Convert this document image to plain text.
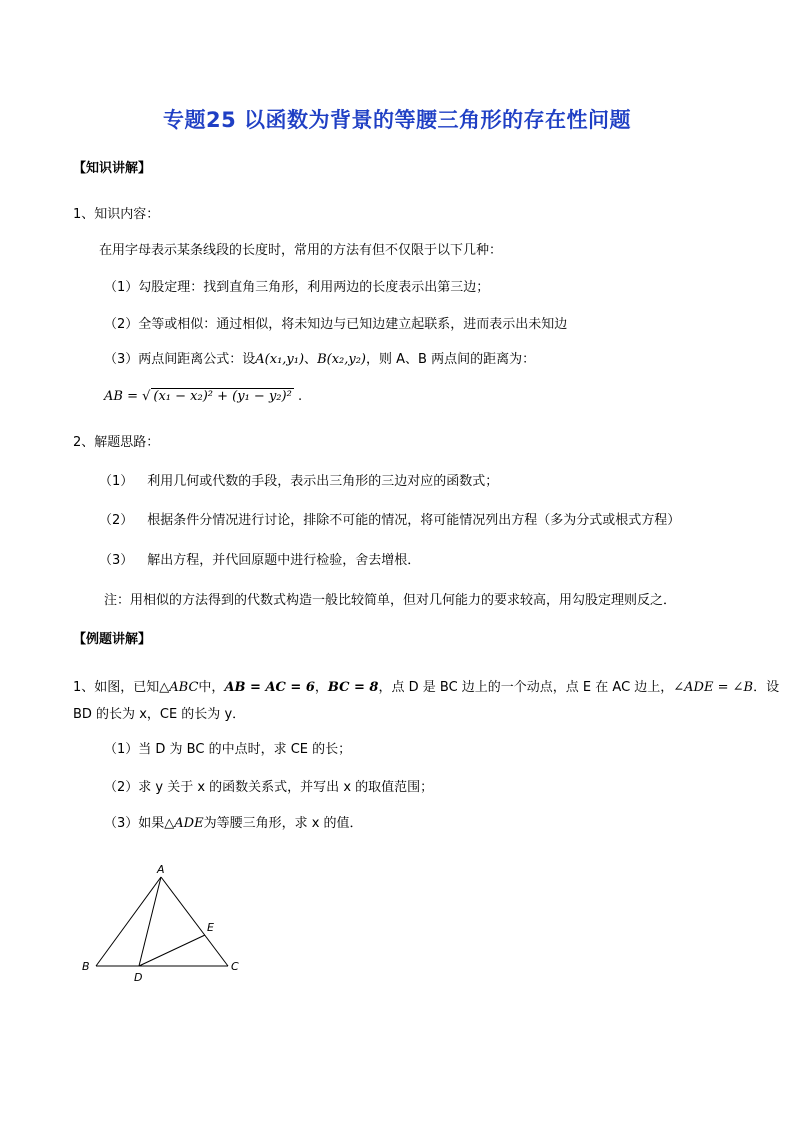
专题25 以函数为背景的等腰三角形的存在性问题
【知识讲解】
1、知识内容：
在用字母表示某条线段的长度时，常用的方法有但不仅限于以下几种：
（1）勾股定理：找到直角三角形，利用两边的长度表示出第三边；
（2）全等或相似：通过相似，将未知边与已知边建立起联系，进而表示出未知边
（3）两点间距离公式：设A(x₁,y₁)、B(x₂,y₂)，则 A、B 两点间的距离为：
AB = √ (x₁ − x₂)² + (y₁ − y₂)² .
2、解题思路：
（1） 利用几何或代数的手段，表示出三角形的三边对应的函数式；
（2） 根据条件分情况进行讨论，排除不可能的情况，将可能情况列出方程（多为分式或根式方程）
（3） 解出方程，并代回原题中进行检验，舍去增根．
注：用相似的方法得到的代数式构造一般比较简单，但对几何能力的要求较高，用勾股定理则反之．
【例题讲解】
1、如图，已知△ABC中，AB = AC = 6，BC = 8，点 D 是 BC 边上的一个动点，点 E 在 AC 边上，∠ADE = ∠B．设
BD 的长为 x，CE 的长为 y．
（1）当 D 为 BC 的中点时，求 CE 的长；
（2）求 y 关于 x 的函数关系式，并写出 x 的取值范围；
（3）如果△ADE为等腰三角形，求 x 的值．
A
B	C
D
E
